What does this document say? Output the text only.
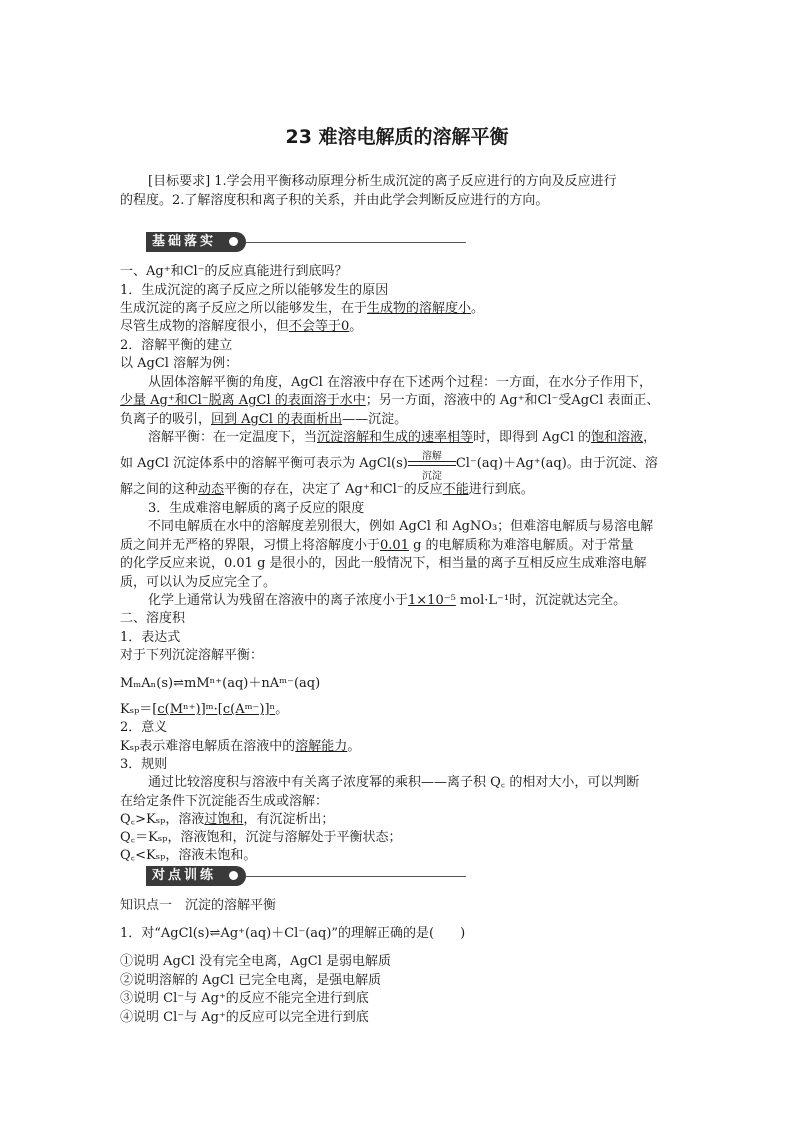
23 难溶电解质的溶解平衡
[目标要求] 1.学会用平衡移动原理分析生成沉淀的离子反应进行的方向及反应进行
的程度。2.了解溶度积和离子积的关系，并由此学会判断反应进行的方向。
基础落实
一、Ag⁺和Cl⁻的反应真能进行到底吗？
1．生成沉淀的离子反应之所以能够发生的原因
生成沉淀的离子反应之所以能够发生，在于生成物的溶解度小。
尽管生成物的溶解度很小，但不会等于0。
2．溶解平衡的建立
以 AgCl 溶解为例：
从固体溶解平衡的角度，AgCl 在溶液中存在下述两个过程：一方面，在水分子作用下，
少量 Ag⁺和Cl⁻脱离 AgCl 的表面溶于水中；另一方面，溶液中的 Ag⁺和Cl⁻受AgCl 表面正、
负离子的吸引，回到 AgCl 的表面析出——沉淀。
溶解平衡：在一定温度下，当沉淀溶解和生成的速率相等时，即得到 AgCl 的饱和溶液，
如 AgCl 沉淀体系中的溶解平衡可表示为 AgCl(s)	溶解
沉淀
Cl⁻(aq)＋Ag⁺(aq)。由于沉淀、溶
解之间的这种动态平衡的存在，决定了 Ag⁺和Cl⁻的反应不能进行到底。
3．生成难溶电解质的离子反应的限度
不同电解质在水中的溶解度差别很大，例如 AgCl 和 AgNO₃；但难溶电解质与易溶电解
质之间并无严格的界限，习惯上将溶解度小于0.01 g 的电解质称为难溶电解质。对于常量
的化学反应来说，0.01 g 是很小的，因此一般情况下，相当量的离子互相反应生成难溶电解
质，可以认为反应完全了。
化学上通常认为残留在溶液中的离子浓度小于1×10⁻⁵ mol·L⁻¹时，沉淀就达完全。
二、溶度积
1．表达式
对于下列沉淀溶解平衡：
MₘAₙ(s)⇌mMⁿ⁺(aq)＋nAᵐ⁻(aq)
Kₛₚ＝[c(Mⁿ⁺)]ᵐ·[c(Aᵐ⁻)]ⁿ。
2．意义
Kₛₚ表示难溶电解质在溶液中的溶解能力。
3．规则
通过比较溶度积与溶液中有关离子浓度幂的乘积——离子积 Q꜀ 的相对大小，可以判断
在给定条件下沉淀能否生成或溶解：
Q꜀>Kₛₚ，溶液过饱和，有沉淀析出；
Q꜀＝Kₛₚ，溶液饱和，沉淀与溶解处于平衡状态；
Q꜀<Kₛₚ，溶液未饱和。
对点训练
知识点一　沉淀的溶解平衡
1．对“AgCl(s)⇌Ag⁺(aq)＋Cl⁻(aq)”的理解正确的是(　　)
①说明 AgCl 没有完全电离，AgCl 是弱电解质
②说明溶解的 AgCl 已完全电离，是强电解质
③说明 Cl⁻与 Ag⁺的反应不能完全进行到底
④说明 Cl⁻与 Ag⁺的反应可以完全进行到底
